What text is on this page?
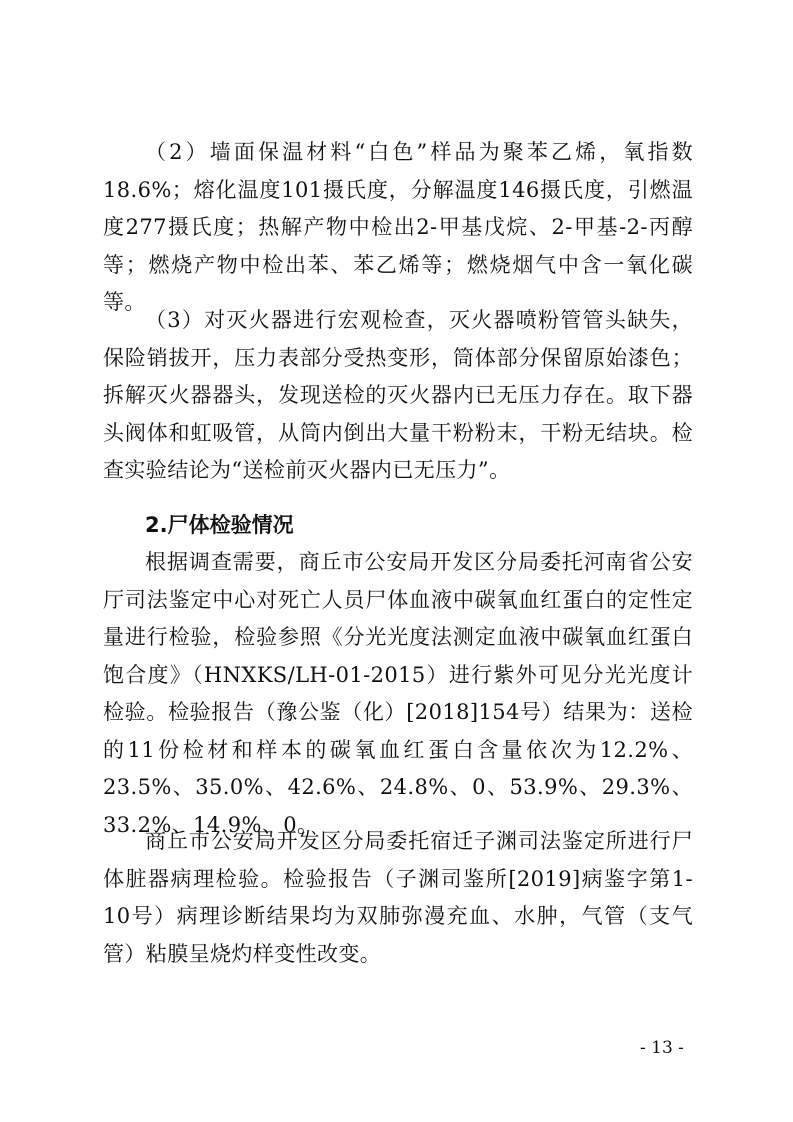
（2）墙面保温材料“白色”样品为聚苯乙烯，氧指数18.6%；熔化温度101摄氏度，分解温度146摄氏度，引燃温度277摄氏度；热解产物中检出2-甲基戊烷、2-甲基-2-丙醇等；燃烧产物中检出苯、苯乙烯等；燃烧烟气中含一氧化碳等。

（3）对灭火器进行宏观检查，灭火器喷粉管管头缺失，保险销拔开，压力表部分受热变形，筒体部分保留原始漆色；拆解灭火器器头，发现送检的灭火器内已无压力存在。取下器头阀体和虹吸管，从筒内倒出大量干粉粉末，干粉无结块。检查实验结论为“送检前灭火器内已无压力”。

2.尸体检验情况

根据调查需要，商丘市公安局开发区分局委托河南省公安厅司法鉴定中心对死亡人员尸体血液中碳氧血红蛋白的定性定量进行检验，检验参照《分光光度法测定血液中碳氧血红蛋白饱合度》（HNXKS/LH-01-2015）进行紫外可见分光光度计检验。检验报告（豫公鉴（化）[2018]154号）结果为：送检的11份检材和样本的碳氧血红蛋白含量依次为12.2%、23.5%、35.0%、42.6%、24.8%、0、53.9%、29.3%、33.2%、14.9%、0。

商丘市公安局开发区分局委托宿迁子渊司法鉴定所进行尸体脏器病理检验。检验报告（子渊司鉴所[2019]病鉴字第1-10号）病理诊断结果均为双肺弥漫充血、水肿，气管（支气管）粘膜呈烧灼样变性改变。

- 13 -
